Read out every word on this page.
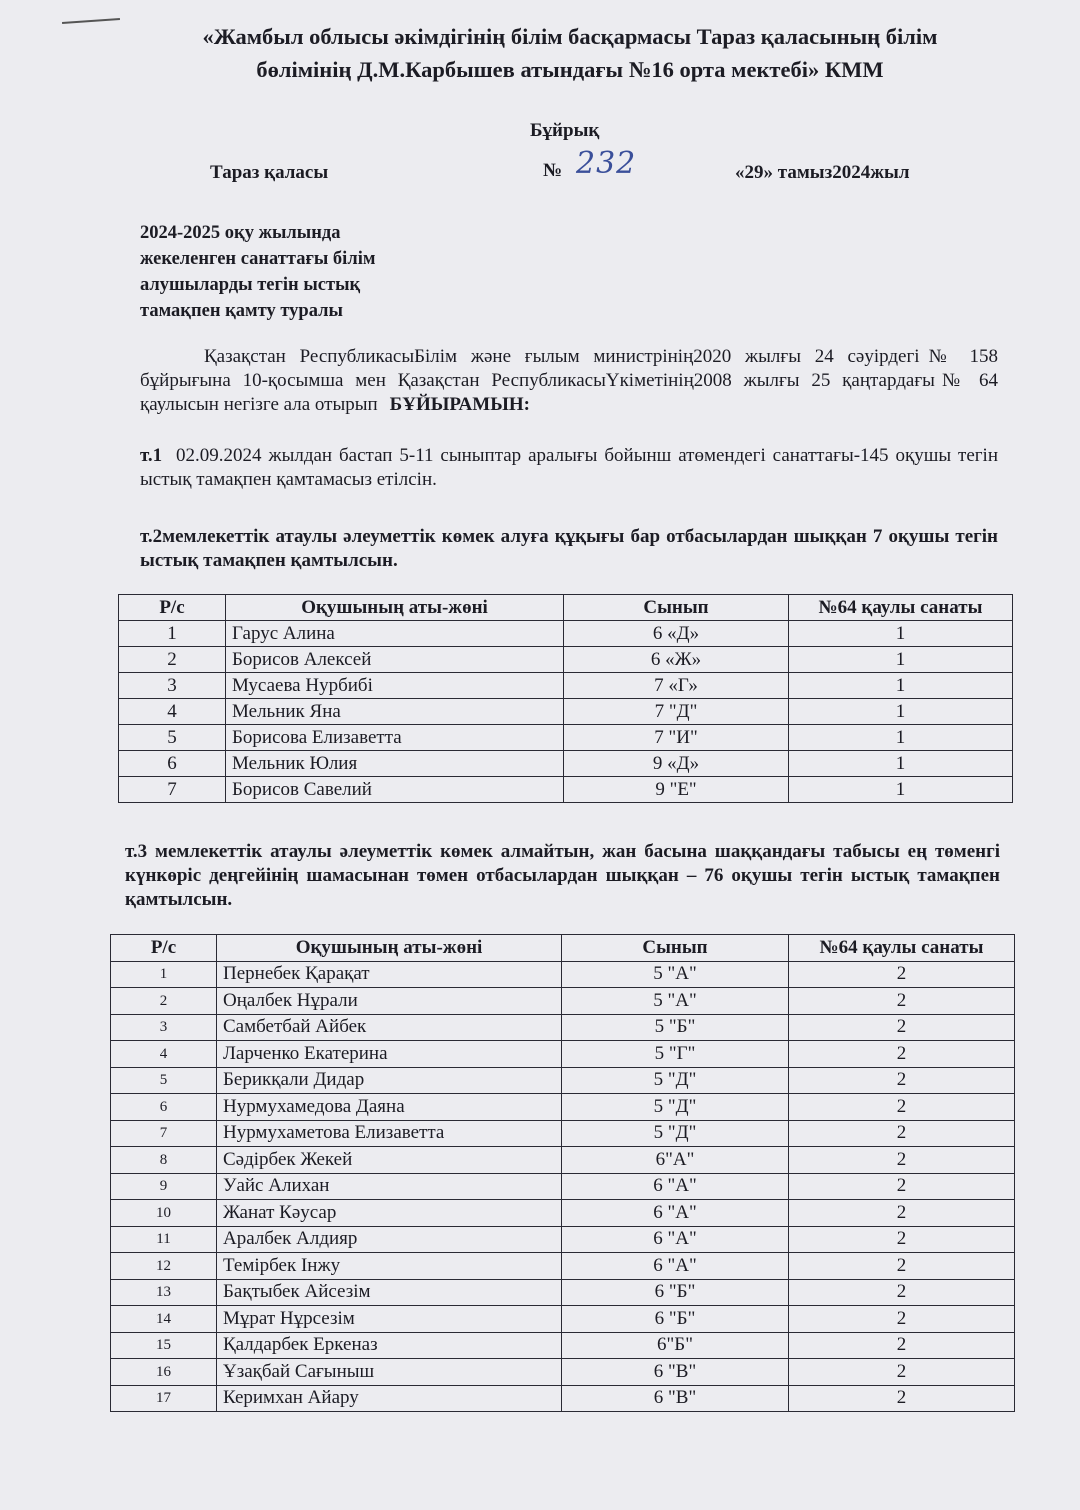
«Жамбыл облысы әкімдігінің білім басқармасы Тараз қаласының білім
бөлімінің Д.М.Карбышев атындағы №16 орта мектебі» КММ
Бұйрық
Тараз қаласы	№ 232	«29» тамыз2024жыл
2024-2025 оқу жылында
жекеленген санаттағы білім
алушыларды тегін ыстық
тамақпен қамту туралы
Қазақстан РеспубликасыБілім және ғылым министрінің2020 жылғы 24 сәуірдегі№ 158 бұйрығына 10-қосымша мен Қазақстан РеспубликасыҮкіметінің2008 жылғы 25 қаңтардағы№ 64 қаулысын негізге ала отырып БҰЙЫРАМЫН:
т.1 02.09.2024 жылдан бастап 5-11 сыныптар аралығы бойынш атөмендегі санаттағы-145 оқушы тегін ыстық тамақпен қамтамасыз етілсін.
т.2мемлекеттік атаулы әлеуметтік көмек алуға құқығы бар отбасылардан шыққан 7 оқушы тегін ыстық тамақпен қамтылсын.
Р/с	Оқушының аты-жөні	Сынып	№64 қаулы санаты
1	Гарус Алина	6 «Д»	1
2	Борисов Алексей	6 «Ж»	1
3	Мусаева Нурбибі	7 «Г»	1
4	Мельник Яна	7 "Д"	1
5	Борисова Елизаветта	7 "И"	1
6	Мельник Юлия	9 «Д»	1
7	Борисов Савелий	9 "Е"	1
т.3 мемлекеттік атаулы әлеуметтік көмек алмайтын, жан басына шаққандағы табысы ең төменгі күнкөріс деңгейінің шамасынан төмен отбасылардан шыққан – 76 оқушы тегін ыстық тамақпен қамтылсын.
Р/с	Оқушының аты-жөні	Сынып	№64 қаулы санаты
1	Пернебек Қарақат	5 "А"	2
2	Оңалбек Нұрали	5 "А"	2
3	Самбетбай Айбек	5 "Б"	2
4	Ларченко Екатерина	5 "Г"	2
5	Берикқали Дидар	5 "Д"	2
6	Нурмухамедова Даяна	5 "Д"	2
7	Нурмухаметова Елизаветта	5 "Д"	2
8	Сәдірбек Жекей	6"А"	2
9	Уайс Алихан	6 "А"	2
10	Жанат Кәусар	6 "А"	2
11	Аралбек Алдияр	6 "А"	2
12	Темірбек Інжу	6 "А"	2
13	Бақтыбек Айсезім	6 "Б"	2
14	Мұрат Нұрсезім	6 "Б"	2
15	Қалдарбек Еркеназ	6"Б"	2
16	Ұзақбай Сағыныш	6 "В"	2
17	Керимхан Айару	6 "В"	2
